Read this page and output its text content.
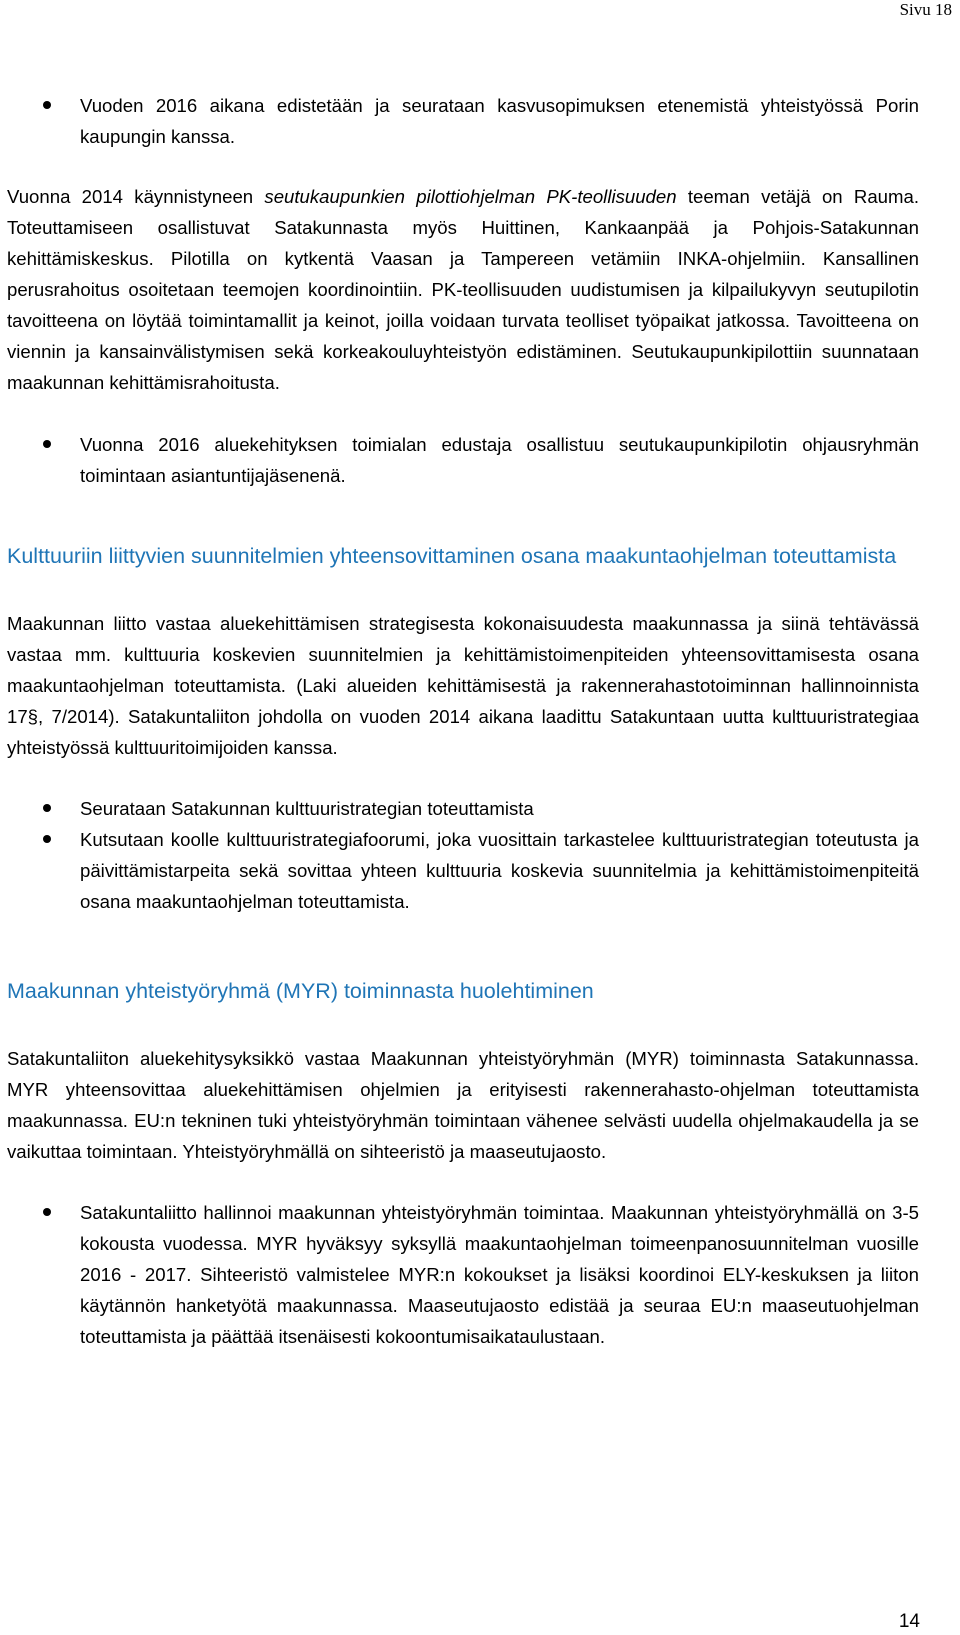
Sivu 18
Vuoden 2016 aikana edistetään ja seurataan kasvusopimuksen etenemistä yhteistyössä Porin kaupungin kanssa.

Vuonna 2014 käynnistyneen seutukaupunkien pilottiohjelman PK-teollisuuden teeman vetäjä on Rauma. Toteuttamiseen osallistuvat Satakunnasta myös Huittinen, Kankaanpää ja Pohjois-Satakunnan kehittämiskeskus. Pilotilla on kytkentä Vaasan ja Tampereen vetämiin INKA-ohjelmiin. Kansallinen perusrahoitus osoitetaan teemojen koordinointiin. PK-teollisuuden uudistumisen ja kilpailukyvyn seutupilotin tavoitteena on löytää toimintamallit ja keinot, joilla voidaan turvata teolliset työpaikat jatkossa. Tavoitteena on viennin ja kansainvälistymisen sekä korkeakouluyhteistyön edistäminen. Seutukaupunkipilottiin suunnataan maakunnan kehittämisrahoitusta.

Vuonna 2016 aluekehityksen toimialan edustaja osallistuu seutukaupunkipilotin ohjausryhmän toimintaan asiantuntijajäsenenä.
Kulttuuriin liittyvien suunnitelmien yhteensovittaminen osana maakuntaohjelman toteuttamista

Maakunnan liitto vastaa aluekehittämisen strategisesta kokonaisuudesta maakunnassa ja siinä tehtävässä vastaa mm. kulttuuria koskevien suunnitelmien ja kehittämistoimenpiteiden yhteensovittamisesta osana maakuntaohjelman toteuttamista. (Laki alueiden kehittämisestä ja rakennerahastotoiminnan hallinnoinnista 17§, 7/2014). Satakuntaliiton johdolla on vuoden 2014 aikana laadittu Satakuntaan uutta kulttuuristrategiaa yhteistyössä kulttuuritoimijoiden kanssa.

Seurataan Satakunnan kulttuuristrategian toteuttamista
Kutsutaan koolle kulttuuristrategiafoorumi, joka vuosittain tarkastelee kulttuuristrategian toteutusta ja päivittämistarpeita sekä sovittaa yhteen kulttuuria koskevia suunnitelmia ja kehittämistoimenpiteitä osana maakuntaohjelman toteuttamista.
Maakunnan yhteistyöryhmä (MYR) toiminnasta huolehtiminen

Satakuntaliiton aluekehitysyksikkö vastaa Maakunnan yhteistyöryhmän (MYR) toiminnasta Satakunnassa. MYR yhteensovittaa aluekehittämisen ohjelmien ja erityisesti rakennerahasto-ohjelman toteuttamista maakunnassa. EU:n tekninen tuki yhteistyöryhmän toimintaan vähenee selvästi uudella ohjelmakaudella ja se vaikuttaa toimintaan. Yhteistyöryhmällä on sihteeristö ja maaseutujaosto.

Satakuntaliitto hallinnoi maakunnan yhteistyöryhmän toimintaa. Maakunnan yhteistyöryhmällä on 3-5 kokousta vuodessa. MYR hyväksyy syksyllä maakuntaohjelman toimeenpanosuunnitelman vuosille 2016 - 2017. Sihteeristö valmistelee MYR:n kokoukset ja lisäksi koordinoi ELY-keskuksen ja liiton käytännön hanketyötä maakunnassa. Maaseutujaosto edistää ja seuraa EU:n maaseutuohjelman toteuttamista ja päättää itsenäisesti kokoontumisaikataulustaan.
14
